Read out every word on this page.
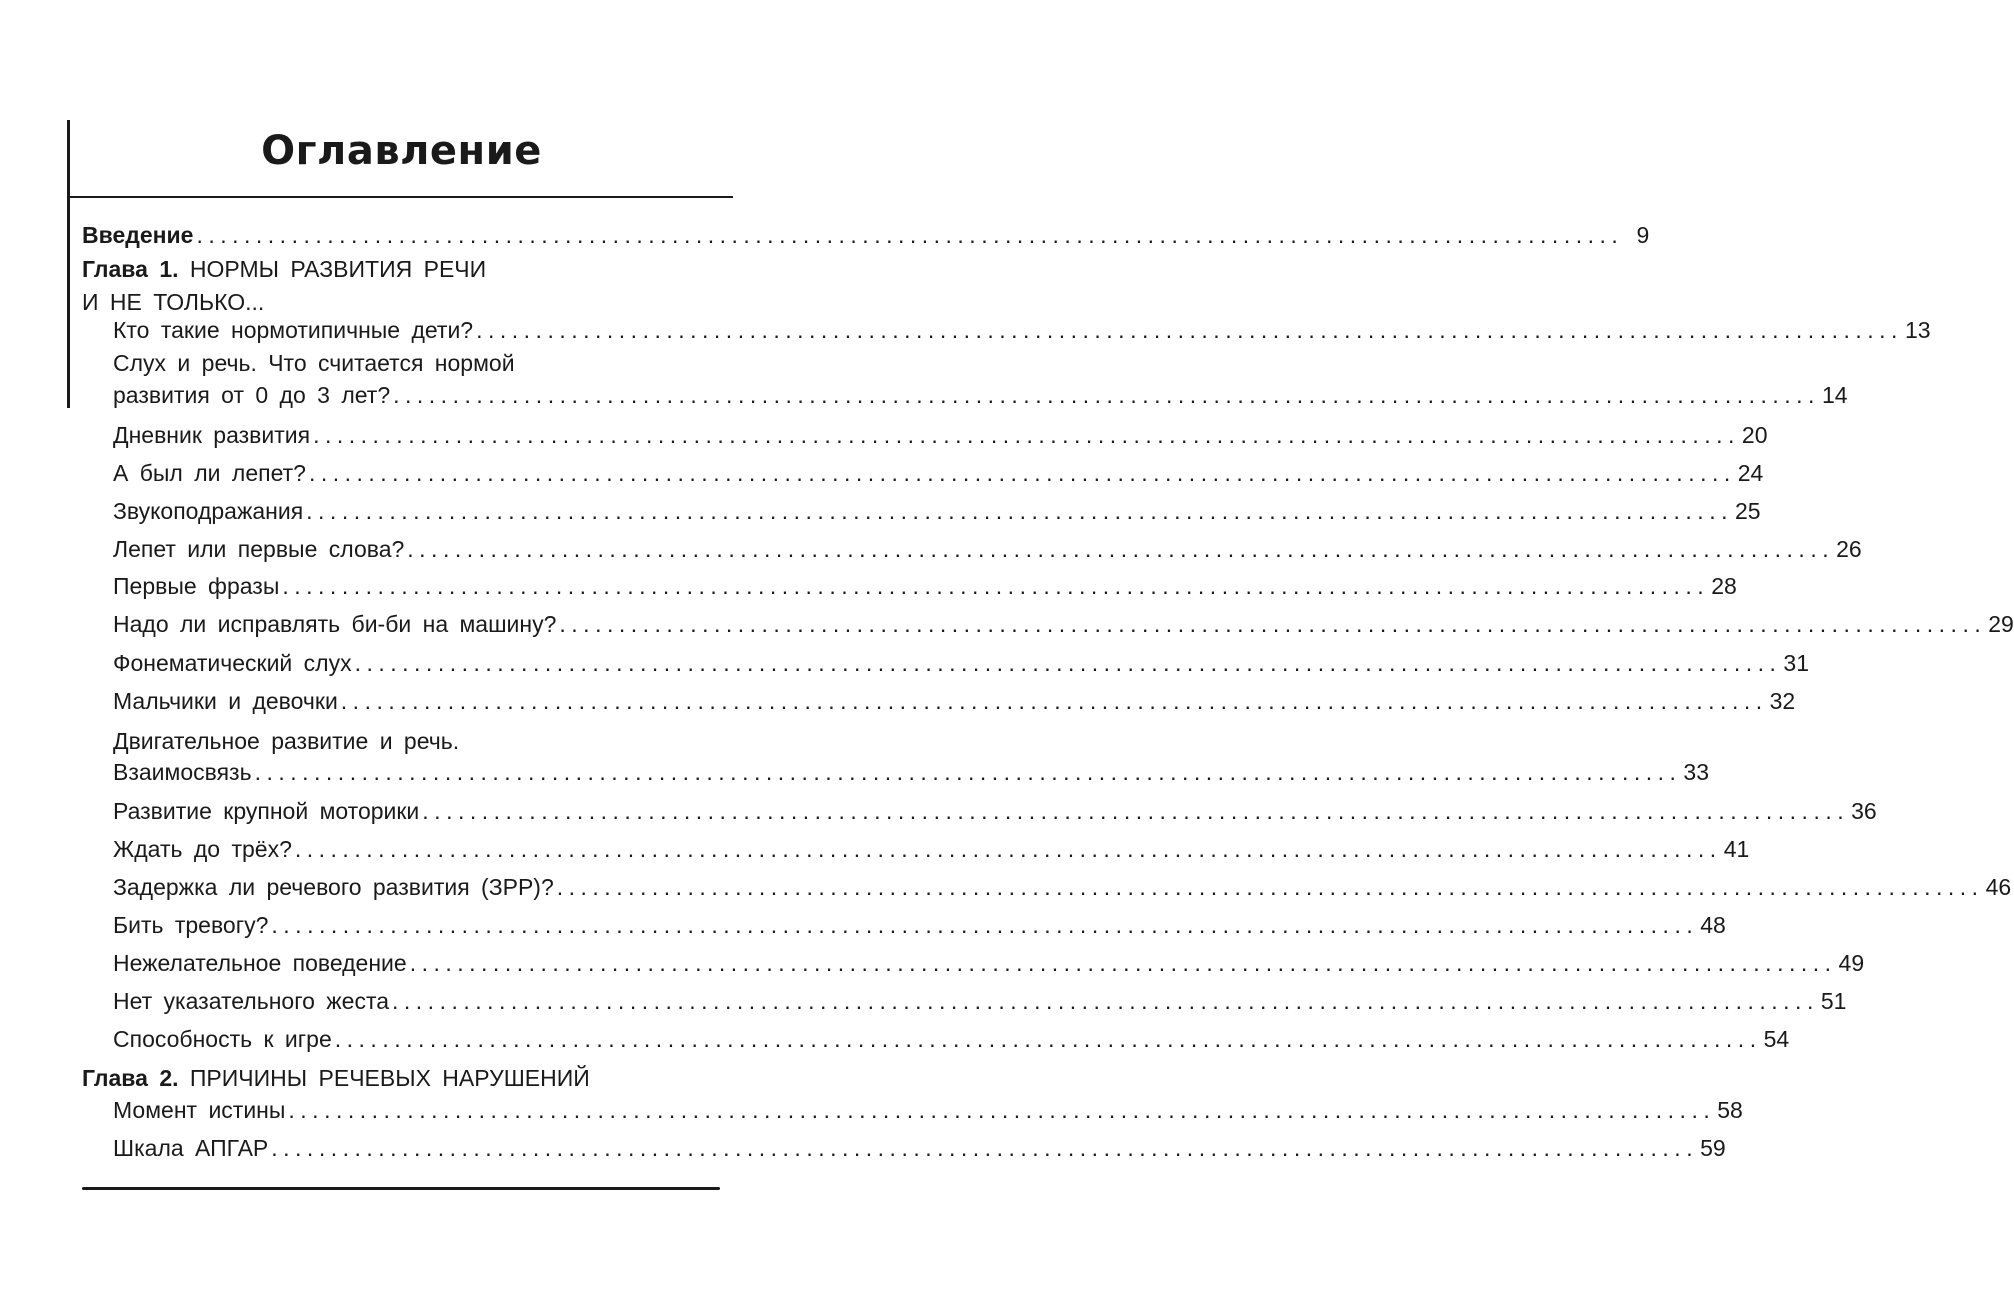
Оглавление
Введение ........................................................................................................................ 9
Глава 1. НОРМЫ РАЗВИТИЯ РЕЧИ
И НЕ ТОЛЬКО...
Кто такие нормотипичные дети? ........................................................................................................................ 13
Слух и речь. Что считается нормой
развития от 0 до 3 лет? ........................................................................................................................ 14
Дневник развития ........................................................................................................................ 20
А был ли лепет? ........................................................................................................................ 24
Звукоподражания ........................................................................................................................ 25
Лепет или первые слова? ........................................................................................................................ 26
Первые фразы ........................................................................................................................ 28
Надо ли исправлять би-би на машину? ........................................................................................................................ 29
Фонематический слух ........................................................................................................................ 31
Мальчики и девочки ........................................................................................................................ 32
Двигательное развитие и речь.
Взаимосвязь ........................................................................................................................ 33
Развитие крупной моторики ........................................................................................................................ 36
Ждать до трёх? ........................................................................................................................ 41
Задержка ли речевого развития (ЗРР)? ........................................................................................................................ 46
Бить тревогу? ........................................................................................................................ 48
Нежелательное поведение ........................................................................................................................ 49
Нет указательного жеста ........................................................................................................................ 51
Способность к игре ........................................................................................................................ 54
Глава 2. ПРИЧИНЫ РЕЧЕВЫХ НАРУШЕНИЙ
Момент истины ........................................................................................................................ 58
Шкала АПГАР ........................................................................................................................ 59
